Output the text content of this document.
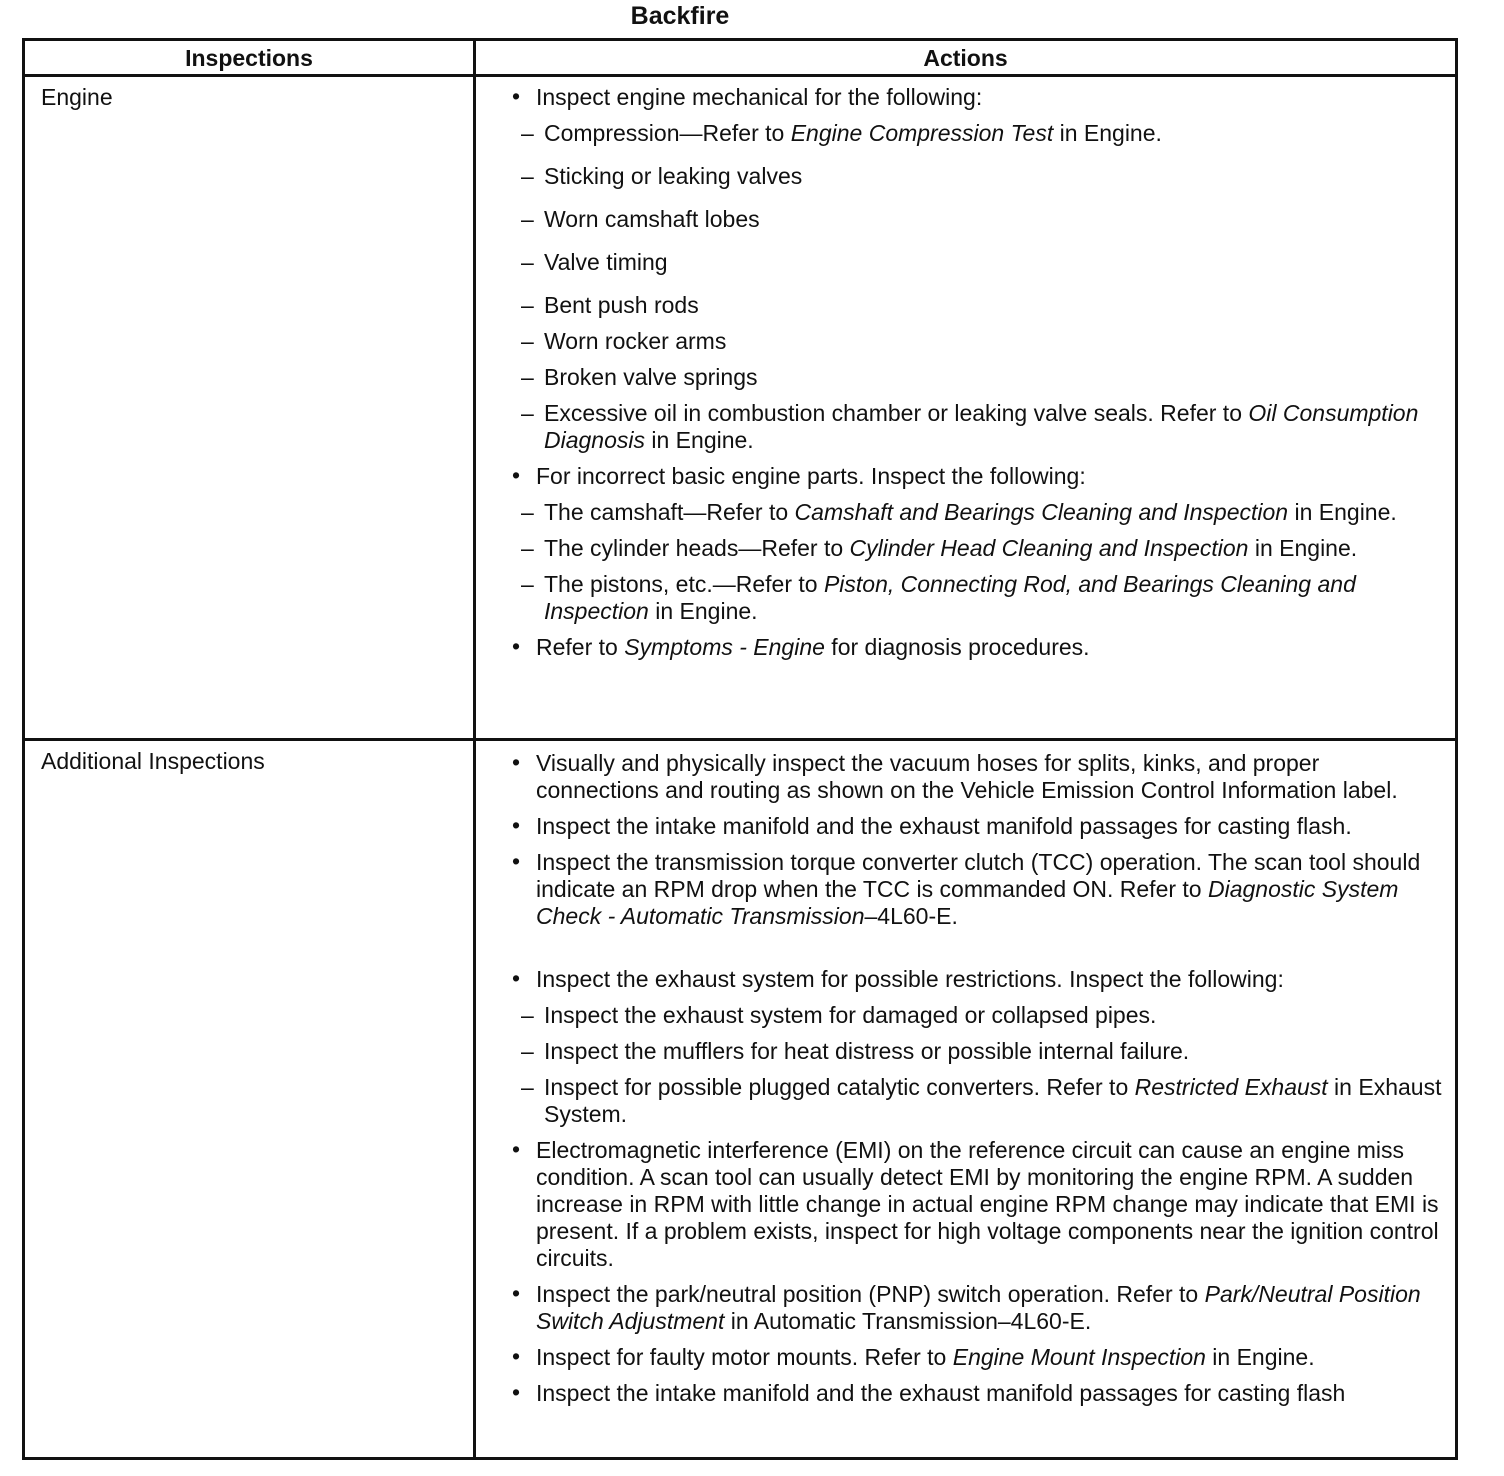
Backfire
Inspections	Actions
Engine	• Inspect engine mechanical for the following:
– Compression—Refer to Engine Compression Test in Engine.
– Sticking or leaking valves
– Worn camshaft lobes
– Valve timing
– Bent push rods
– Worn rocker arms
– Broken valve springs
– Excessive oil in combustion chamber or leaking valve seals. Refer to Oil Consumption Diagnosis in Engine.
• For incorrect basic engine parts. Inspect the following:
– The camshaft—Refer to Camshaft and Bearings Cleaning and Inspection in Engine.
– The cylinder heads—Refer to Cylinder Head Cleaning and Inspection in Engine.
– The pistons, etc.—Refer to Piston, Connecting Rod, and Bearings Cleaning and Inspection in Engine.
• Refer to Symptoms - Engine for diagnosis procedures.
Additional Inspections	• Visually and physically inspect the vacuum hoses for splits, kinks, and proper connections and routing as shown on the Vehicle Emission Control Information label.
• Inspect the intake manifold and the exhaust manifold passages for casting flash.
• Inspect the transmission torque converter clutch (TCC) operation. The scan tool should indicate an RPM drop when the TCC is commanded ON. Refer to Diagnostic System Check - Automatic Transmission–4L60-E.
• Inspect the exhaust system for possible restrictions. Inspect the following:
– Inspect the exhaust system for damaged or collapsed pipes.
– Inspect the mufflers for heat distress or possible internal failure.
– Inspect for possible plugged catalytic converters. Refer to Restricted Exhaust in Exhaust System.
• Electromagnetic interference (EMI) on the reference circuit can cause an engine miss condition. A scan tool can usually detect EMI by monitoring the engine RPM. A sudden increase in RPM with little change in actual engine RPM change may indicate that EMI is present. If a problem exists, inspect for high voltage components near the ignition control circuits.
• Inspect the park/neutral position (PNP) switch operation. Refer to Park/Neutral Position Switch Adjustment in Automatic Transmission–4L60-E.
• Inspect for faulty motor mounts. Refer to Engine Mount Inspection in Engine.
• Inspect the intake manifold and the exhaust manifold passages for casting flash
